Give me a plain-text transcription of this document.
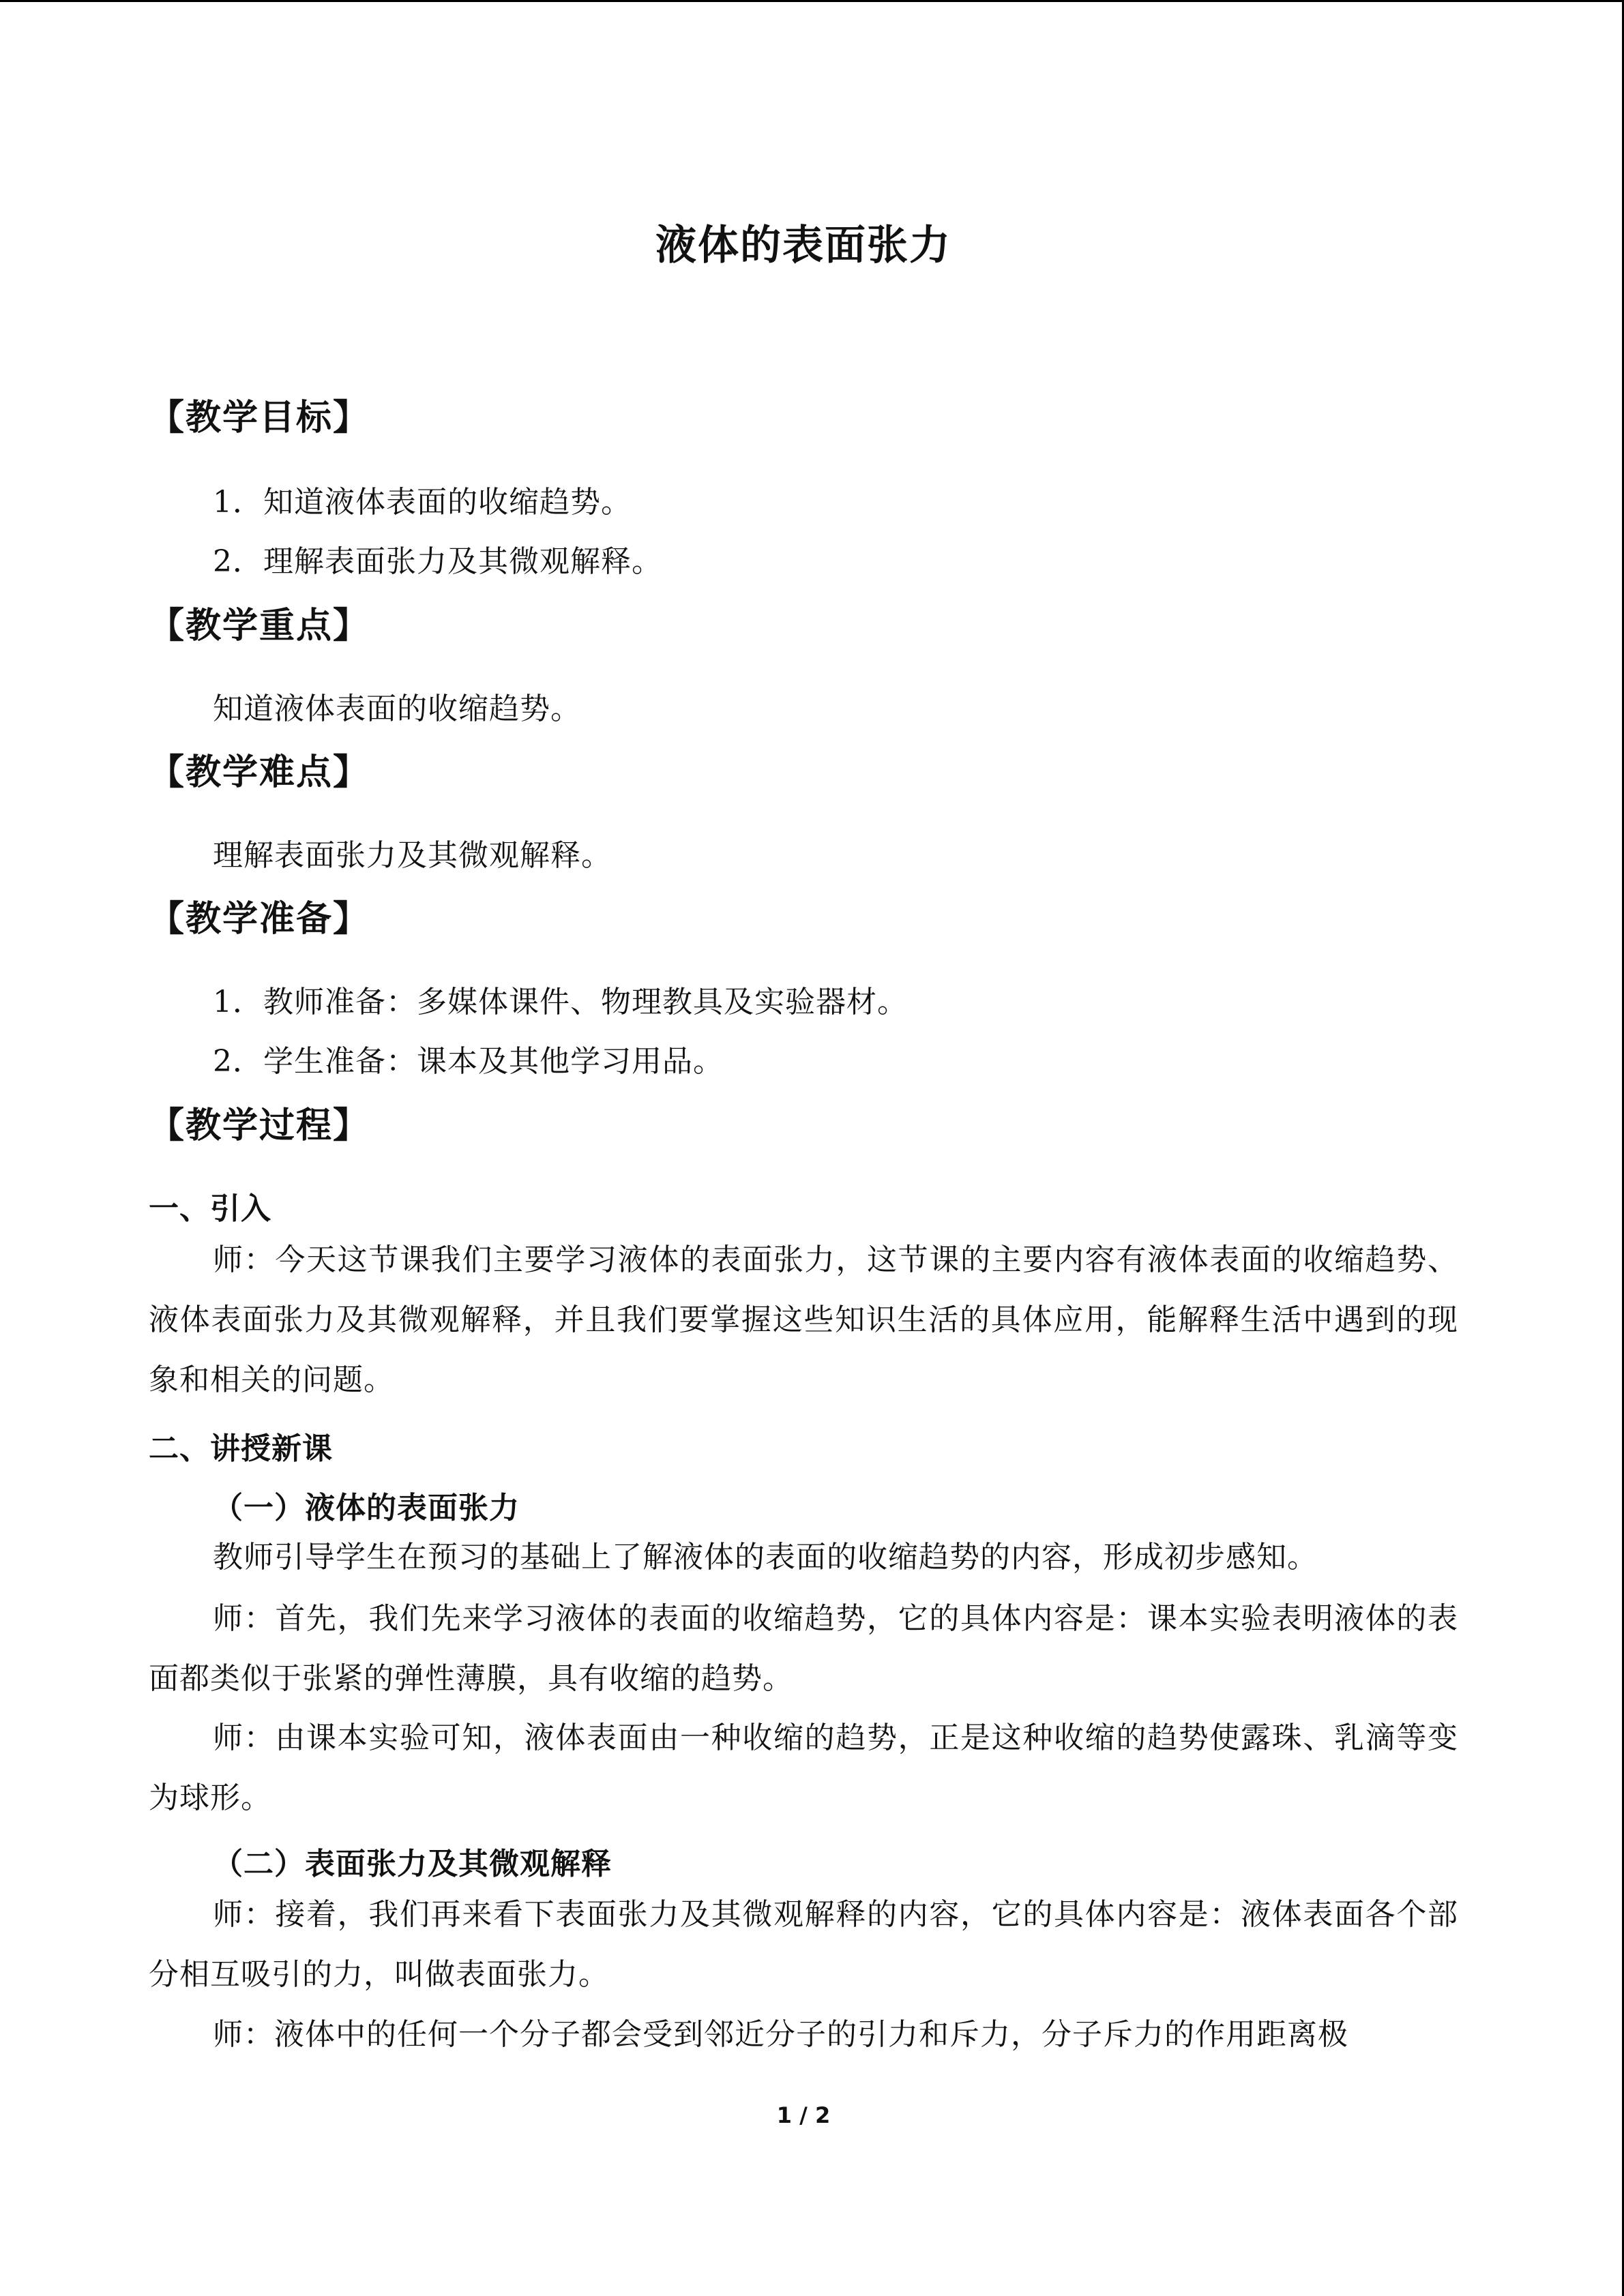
液体的表面张力
【教学目标】
1．知道液体表面的收缩趋势。
2．理解表面张力及其微观解释。
【教学重点】
知道液体表面的收缩趋势。
【教学难点】
理解表面张力及其微观解释。
【教学准备】
1．教师准备：多媒体课件、物理教具及实验器材。
2．学生准备：课本及其他学习用品。
【教学过程】
一、引入
师：今天这节课我们主要学习液体的表面张力，这节课的主要内容有液体表面的收缩趋势、液体表面张力及其微观解释，并且我们要掌握这些知识生活的具体应用，能解释生活中遇到的现象和相关的问题。
二、讲授新课
（一）液体的表面张力
教师引导学生在预习的基础上了解液体的表面的收缩趋势的内容，形成初步感知。
师：首先，我们先来学习液体的表面的收缩趋势，它的具体内容是：课本实验表明液体的表面都类似于张紧的弹性薄膜，具有收缩的趋势。
师：由课本实验可知，液体表面由一种收缩的趋势，正是这种收缩的趋势使露珠、乳滴等变为球形。
（二）表面张力及其微观解释
师：接着，我们再来看下表面张力及其微观解释的内容，它的具体内容是：液体表面各个部分相互吸引的力，叫做表面张力。
师：液体中的任何一个分子都会受到邻近分子的引力和斥力，分子斥力的作用距离极
1 / 2
